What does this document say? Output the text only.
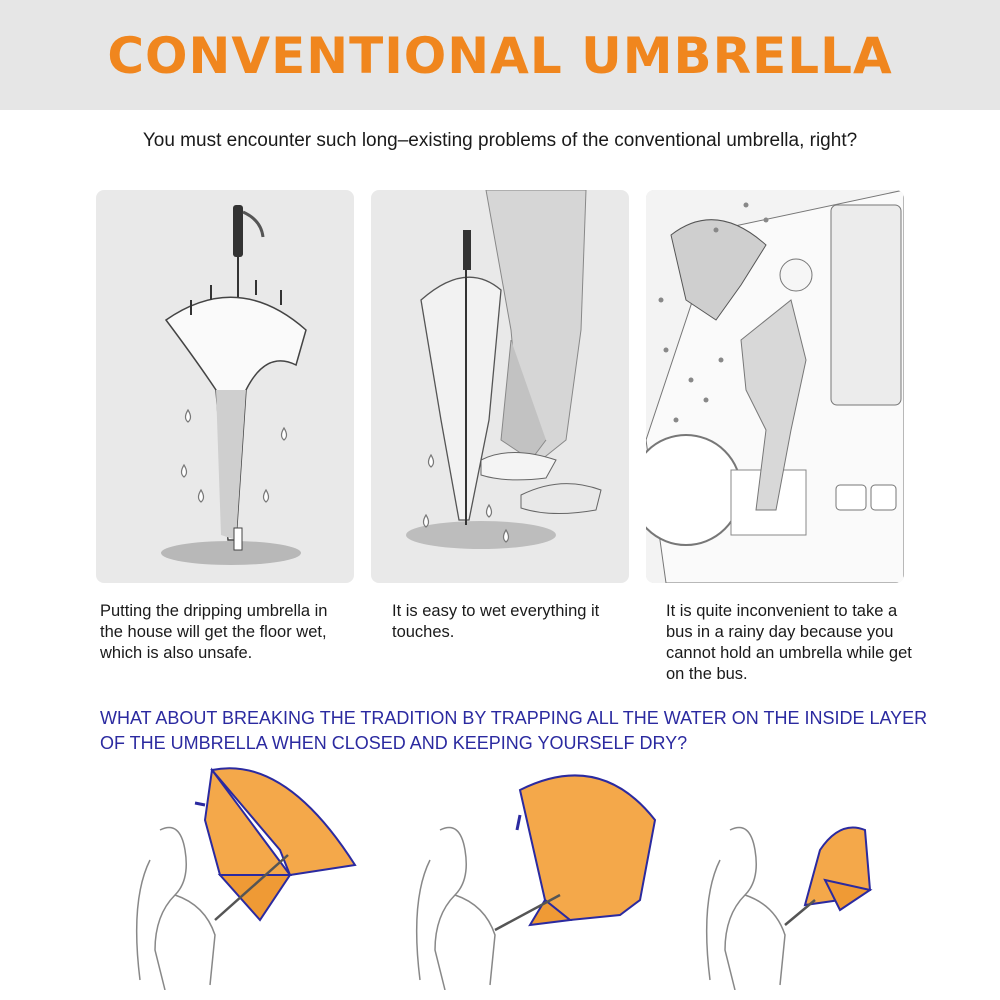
CONVENTIONAL UMBRELLA
You must encounter such long–existing problems of the conventional umbrella, right?
Putting the dripping umbrella in the house will get the floor wet, which is also unsafe.
It is easy to wet everything it touches.
It is quite inconvenient to take a bus in a rainy day because you cannot hold an umbrella while get on the bus.
WHAT ABOUT BREAKING THE TRADITION BY TRAPPING ALL THE WATER ON THE INSIDE LAYER OF THE UMBRELLA WHEN CLOSED AND KEEPING YOURSELF DRY?
